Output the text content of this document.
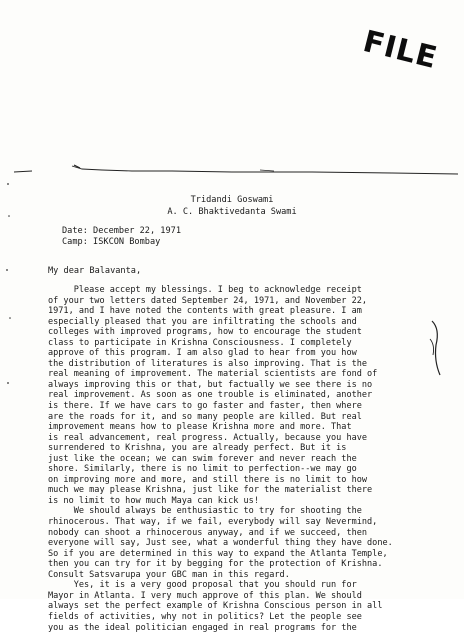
FILE
Tridandi Goswami
A. C. Bhaktivedanta Swami
Date: December 22, 1971
Camp: ISKCON Bombay
My dear Balavanta,
Please accept my blessings. I beg to acknowledge receipt
of your two letters dated September 24, 1971, and November 22,
1971, and I have noted the contents with great pleasure. I am
especially pleased that you are infiltrating the schools and
colleges with improved programs, how to encourage the student
class to participate in Krishna Consciousness. I completely
approve of this program. I am also glad to hear from you how
the distribution of literatures is also improving. That is the
real meaning of improvement. The material scientists are fond of
always improving this or that, but factually we see there is no
real improvement. As soon as one trouble is eliminated, another
is there. If we have cars to go faster and faster, then where
are the roads for it, and so many people are killed. But real
improvement means how to please Krishna more and more. That
is real advancement, real progress. Actually, because you have
surrendered to Krishna, you are already perfect. But it is
just like the ocean; we can swim forever and never reach the
shore. Similarly, there is no limit to perfection--we may go
on improving more and more, and still there is no limit to how
much we may please Krishna, just like for the materialist there
is no limit to how much Maya can kick us!
We should always be enthusiastic to try for shooting the
rhinocerous. That way, if we fail, everybody will say Nevermind,
nobody can shoot a rhinocerous anyway, and if we succeed, then
everyone will say, Just see, what a wonderful thing they have done.
So if you are determined in this way to expand the Atlanta Temple,
then you can try for it by begging for the protection of Krishna.
Consult Satsvarupa your GBC man in this regard.
Yes, it is a very good proposal that you should run for
Mayor in Atlanta. I very much approve of this plan. We should
always set the perfect example of Krishna Conscious person in all
fields of activities, why not in politics? Let the people see
you as the ideal politician engaged in real programs for the
